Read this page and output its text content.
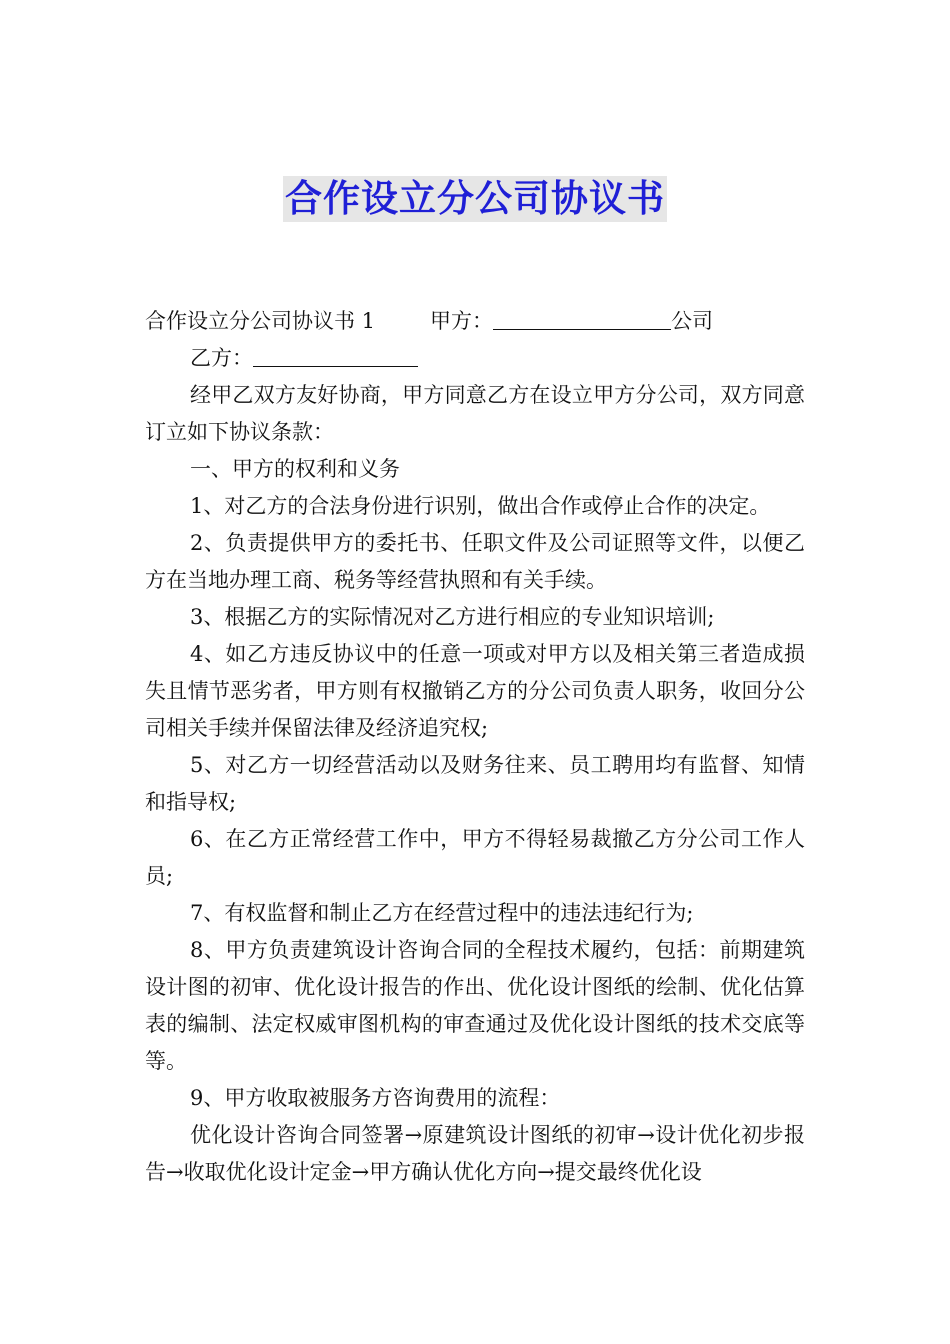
合作设立分公司协议书

合作设立分公司协议书 1	甲方：	公司

乙方：

经甲乙双方友好协商，甲方同意乙方在设立甲方分公司，双方同意订立如下协议条款：

一、甲方的权利和义务

1、对乙方的合法身份进行识别，做出合作或停止合作的决定。

2、负责提供甲方的委托书、任职文件及公司证照等文件，以便乙方在当地办理工商、税务等经营执照和有关手续。

3、根据乙方的实际情况对乙方进行相应的专业知识培训;

4、如乙方违反协议中的任意一项或对甲方以及相关第三者造成损失且情节恶劣者，甲方则有权撤销乙方的分公司负责人职务，收回分公司相关手续并保留法律及经济追究权;

5、对乙方一切经营活动以及财务往来、员工聘用均有监督、知情和指导权;

6、在乙方正常经营工作中，甲方不得轻易裁撤乙方分公司工作人员;

7、有权监督和制止乙方在经营过程中的违法违纪行为;

8、甲方负责建筑设计咨询合同的全程技术履约，包括：前期建筑设计图的初审、优化设计报告的作出、优化设计图纸的绘制、优化估算表的编制、法定权威审图机构的审查通过及优化设计图纸的技术交底等等。

9、甲方收取被服务方咨询费用的流程：

优化设计咨询合同签署→原建筑设计图纸的初审→设计优化初步报告→收取优化设计定金→甲方确认优化方向→提交最终优化设
